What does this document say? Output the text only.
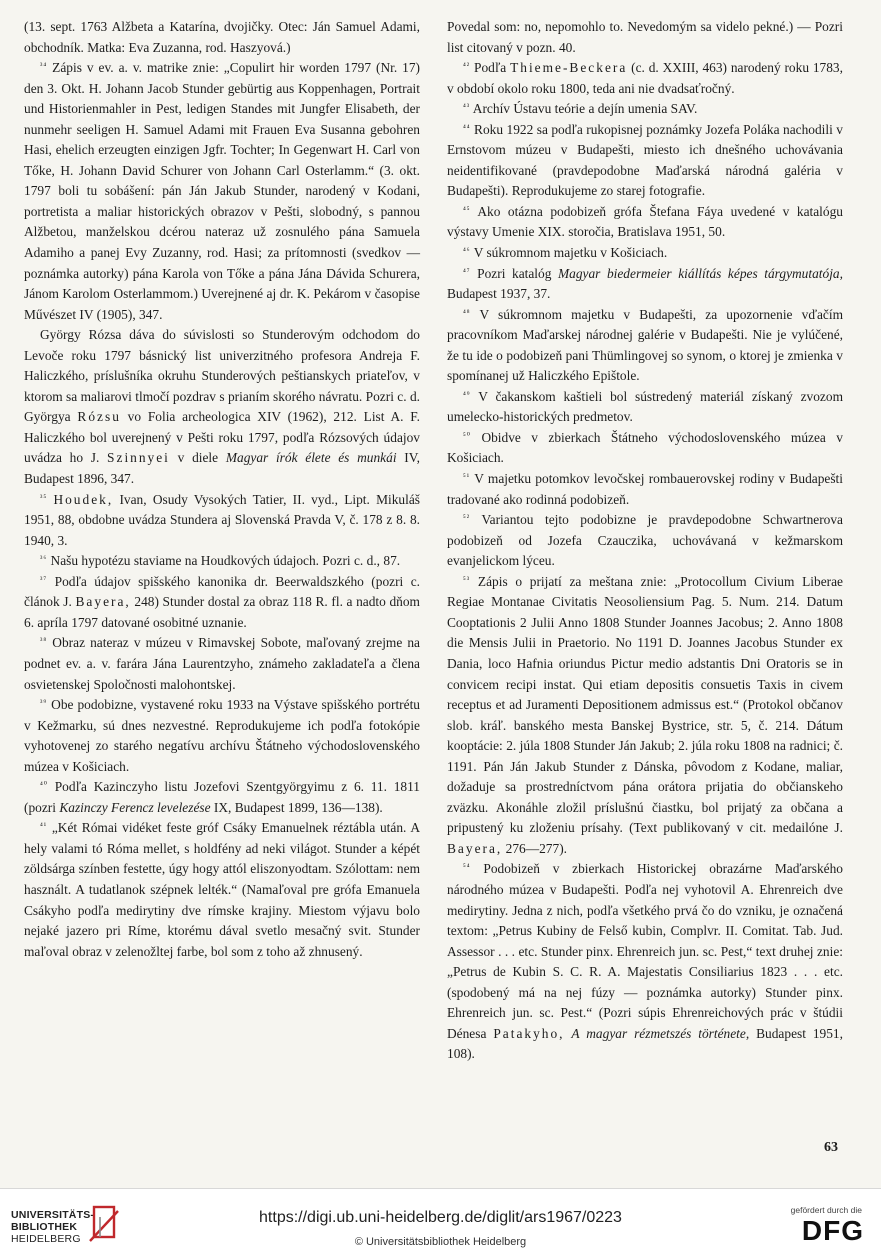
(13. sept. 1763 Alžbeta a Katarína, dvojičky. Otec: Ján Samuel Adami, obchodník. Matka: Eva Zuzanna, rod. Haszyová.)

$^{^{34}}$ Zápis v ev. a. v. matrike znie: „Copulirt hir worden 1797 (Nr. 17) den 3. Okt. H. Johann Jacob Stunder gebürtig aus Koppenhagen, Portrait und Historienmahler in Pest, ledigen Standes mit Jungfer Elisabeth, der nunmehr seeligen H. Samuel Adami mit Frauen Eva Susanna gebohren Hasi, ehelich erzeugten einzigen Jgfr. Tochter; In Gegenwart H. Carl von Tőke, H. Johann David Schurer von Johann Carl Osterlamm.“ (3. okt. 1797 boli tu sobášení: pán Ján Jakub Stunder, narodený v Kodani, portretista a maliar historických obrazov v Pešti, slobodný, s pannou Alžbetou, manželskou dcérou nateraz už zosnulého pána Samuela Adamiho a panej Evy Zuzanny, rod. Hasi; za prítomnosti (svedkov — poznámka autorky) pána Karola von Tőke a pána Jána Dávida Schurera, Jánom Karolom Osterlammom.) Uverejnené aj dr. K. Pekárom v časopise Művészet IV (1905), 347.

György Rózsa dáva do súvislosti so Stunderovým odchodom do Levoče roku 1797 básnický list univerzitného profesora Andreja F. Haliczkého, príslušníka okruhu Stunderových peštianskych priateľov, v ktorom sa maliarovi tlmočí pozdrav s prianím skorého návratu. Pozri c. d. Györgya Rózsu vo Folia archeologica XIV (1962), 212. List A. F. Haliczkého bol uverejnený v Pešti roku 1797, podľa Rózsových údajov uvádza ho J. Szinnyei v diele Magyar írók élete és munkái IV, Budapest 1896, 347.

$^{^{35}}$ Houdek, Ivan, Osudy Vysokých Tatier, II. vyd., Lipt. Mikuláš 1951, 88, obdobne uvádza Stundera aj Slovenská Pravda V, č. 178 z 8. 8. 1940, 3.

$^{^{36}}$ Našu hypotézu staviame na Houdkových údajoch. Pozri c. d., 87.

$^{^{37}}$ Podľa údajov spišského kanonika dr. Beerwaldszkého (pozri c. článok J. Bayera, 248) Stunder dostal za obraz 118 R. fl. a nadto dňom 6. apríla 1797 datované osobitné uznanie.

$^{^{38}}$ Obraz nateraz v múzeu v Rimavskej Sobote, maľovaný zrejme na podnet ev. a. v. farára Jána Laurentzyho, známeho zakladateľa a člena osvietenskej Spoločnosti malohontskej.

$^{^{39}}$ Obe podobizne, vystavené roku 1933 na Výstave spišského portrétu v Kežmarku, sú dnes nezvestné. Reprodukujeme ich podľa fotokópie vyhotovenej zo starého negatívu archívu Štátneho východoslovenského múzea v Košiciach.

$^{^{40}}$ Podľa Kazinczyho listu Jozefovi Szentgyörgyimu z 6. 11. 1811 (pozri Kazinczy Ferencz levelezése IX, Budapest 1899, 136—138).

$^{^{41}}$ „Két Római vidéket feste gróf Csáky Emanuelnek réztábla után. A hely valami tó Róma mellet, s holdfény ad neki világot. Stunder a képét zöldsárga színben festette, úgy hogy attól eliszonyodtam. Szólottam: nem használt. A tudatlanok szépnek lelték.“ (Namaľoval pre grófa Emanuela Csákyho podľa medirytiny dve rímske krajiny. Miestom výjavu bolo nejaké jazero pri Ríme, ktorému dával svetlo mesačný svit. Stunder maľoval obraz v zelenožltej farbe, bol som z toho až zhnusený.

Povedal som: no, nepomohlo to. Nevedomým sa videlo pekné.) — Pozri list citovaný v pozn. 40.

$^{^{42}}$ Podľa Thieme-Beckera (c. d. XXIII, 463) narodený roku 1783, v období okolo roku 1800, teda ani nie dvadsaťročný.

$^{^{43}}$ Archív Ústavu teórie a dejín umenia SAV.

$^{^{44}}$ Roku 1922 sa podľa rukopisnej poznámky Jozefa Poláka nachodili v Ernstovom múzeu v Budapešti, miesto ich dnešného uchovávania neidentifikované (pravdepodobne Maďarská národná galéria v Budapešti). Reprodukujeme zo starej fotografie.

$^{^{45}}$ Ako otázna podobizeň grófa Štefana Fáya uvedené v katalógu výstavy Umenie XIX. storočia, Bratislava 1951, 50.

$^{^{46}}$ V súkromnom majetku v Košiciach.

$^{^{47}}$ Pozri katalóg Magyar biedermeier kiállítás képes tárgymutatója, Budapest 1937, 37.

$^{^{48}}$ V súkromnom majetku v Budapešti, za upozornenie vďačím pracovníkom Maďarskej národnej galérie v Budapešti. Nie je vylúčené, že tu ide o podobizeň pani Thümlingovej so synom, o ktorej je zmienka v spomínanej už Haliczkého Epištole.

$^{^{49}}$ V čakanskom kaštieli bol sústredený materiál získaný zvozom umelecko-historických predmetov.

$^{^{50}}$ Obidve v zbierkach Štátneho východoslovenského múzea v Košiciach.

$^{^{51}}$ V majetku potomkov levočskej rombauerovskej rodiny v Budapešti tradované ako rodinná podobizeň.

$^{^{52}}$ Variantou tejto podobizne je pravdepodobne Schwartnerova podobizeň od Jozefa Czauczika, uchovávaná v kežmarskom evanjelickom lýceu.

$^{^{53}}$ Zápis o prijatí za meštana znie: „Protocollum Civium Liberae Regiae Montanae Civitatis Neosoliensium Pag. 5. Num. 214. Datum Cooptationis 2 Julii Anno 1808 Stunder Joannes Jacobus; 2. Anno 1808 die Mensis Julii in Praetorio. No 1191 D. Joannes Jacobus Stunder ex Dania, loco Hafnia oriundus Pictur medio adstantis Dni Oratoris se in convicem recipi instat. Qui etiam depositis consuetis Taxis in civem receptus et ad Juramenti Depositionem admissus est.“ (Protokol občanov slob. kráľ. banského mesta Banskej Bystrice, str. 5, č. 214. Dátum kooptácie: 2. júla 1808 Stunder Ján Jakub; 2. júla roku 1808 na radnici; č. 1191. Pán Ján Jakub Stunder z Dánska, pôvodom z Kodane, maliar, dožaduje sa prostredníctvom pána orátora prijatia do občianskeho zväzku. Akonáhle zložil príslušnú čiastku, bol prijatý za občana a pripustený ku zloženiu prísahy. (Text publikovaný v cit. medailóne J. Bayera, 276—277).

$^{^{54}}$ Podobizeň v zbierkach Historickej obrazárne Maďarského národného múzea v Budapešti. Podľa nej vyhotovil A. Ehrenreich dve medirytiny. Jedna z nich, podľa všetkého prvá čo do vzniku, je označená textom: „Petrus Kubiny de Felső kubin, Complvr. II. Comitat. Tab. Jud. Assessor . . . etc. Stunder pinx. Ehrenreich jun. sc. Pest,“ text druhej znie: „Petrus de Kubin S. C. R. A. Majestatis Consiliarius 1823 . . . etc. (spodobený má na nej fúzy — poznámka autorky) Stunder pinx. Ehrenreich jun. sc. Pest.“ (Pozri súpis Ehrenreichových prác v štúdii Dénesa Patakyho, A magyar rézmetszés története, Budapest 1951, 108).

63
UNIVERSITÄTS-
BIBLIOTHEK
HEIDELBERG
https://digi.ub.uni-heidelberg.de/diglit/ars1967/0223
© Universitätsbibliothek Heidelberg
gefördert durch die
DFG
